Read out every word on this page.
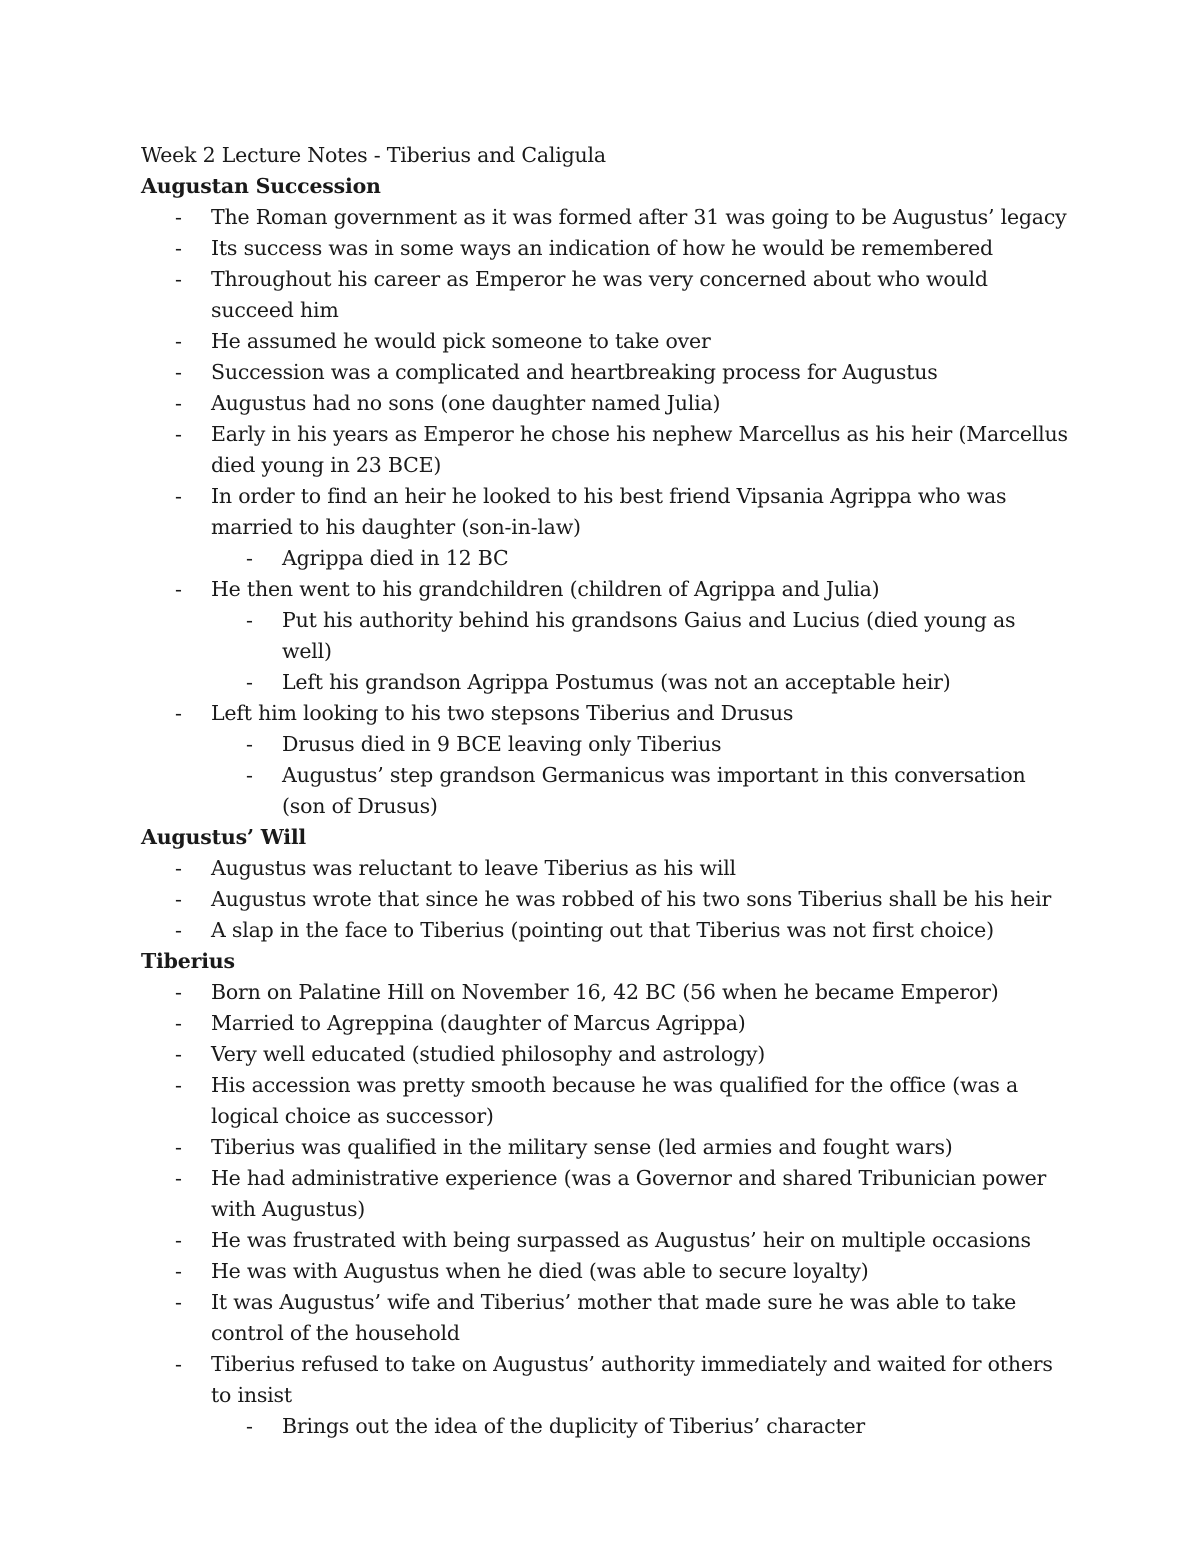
Week 2 Lecture Notes - Tiberius and Caligula

Augustan Succession

- The Roman government as it was formed after 31 was going to be Augustus’ legacy
- Its success was in some ways an indication of how he would be remembered
- Throughout his career as Emperor he was very concerned about who would succeed him
- He assumed he would pick someone to take over
- Succession was a complicated and heartbreaking process for Augustus
- Augustus had no sons (one daughter named Julia)
- Early in his years as Emperor he chose his nephew Marcellus as his heir (Marcellus died young in 23 BCE)
- In order to find an heir he looked to his best friend Vipsania Agrippa who was married to his daughter (son-in-law)
- Agrippa died in 12 BC
- He then went to his grandchildren (children of Agrippa and Julia)
- Put his authority behind his grandsons Gaius and Lucius (died young as well)
- Left his grandson Agrippa Postumus (was not an acceptable heir)
- Left him looking to his two stepsons Tiberius and Drusus
- Drusus died in 9 BCE leaving only Tiberius
- Augustus’ step grandson Germanicus was important in this conversation (son of Drusus)

Augustus’ Will

- Augustus was reluctant to leave Tiberius as his will
- Augustus wrote that since he was robbed of his two sons Tiberius shall be his heir
- A slap in the face to Tiberius (pointing out that Tiberius was not first choice)

Tiberius

- Born on Palatine Hill on November 16, 42 BC (56 when he became Emperor)
- Married to Agreppina (daughter of Marcus Agrippa)
- Very well educated (studied philosophy and astrology)
- His accession was pretty smooth because he was qualified for the office (was a logical choice as successor)
- Tiberius was qualified in the military sense (led armies and fought wars)
- He had administrative experience (was a Governor and shared Tribunician power with Augustus)
- He was frustrated with being surpassed as Augustus’ heir on multiple occasions
- He was with Augustus when he died (was able to secure loyalty)
- It was Augustus’ wife and Tiberius’ mother that made sure he was able to take control of the household
- Tiberius refused to take on Augustus’ authority immediately and waited for others to insist
- Brings out the idea of the duplicity of Tiberius’ character
